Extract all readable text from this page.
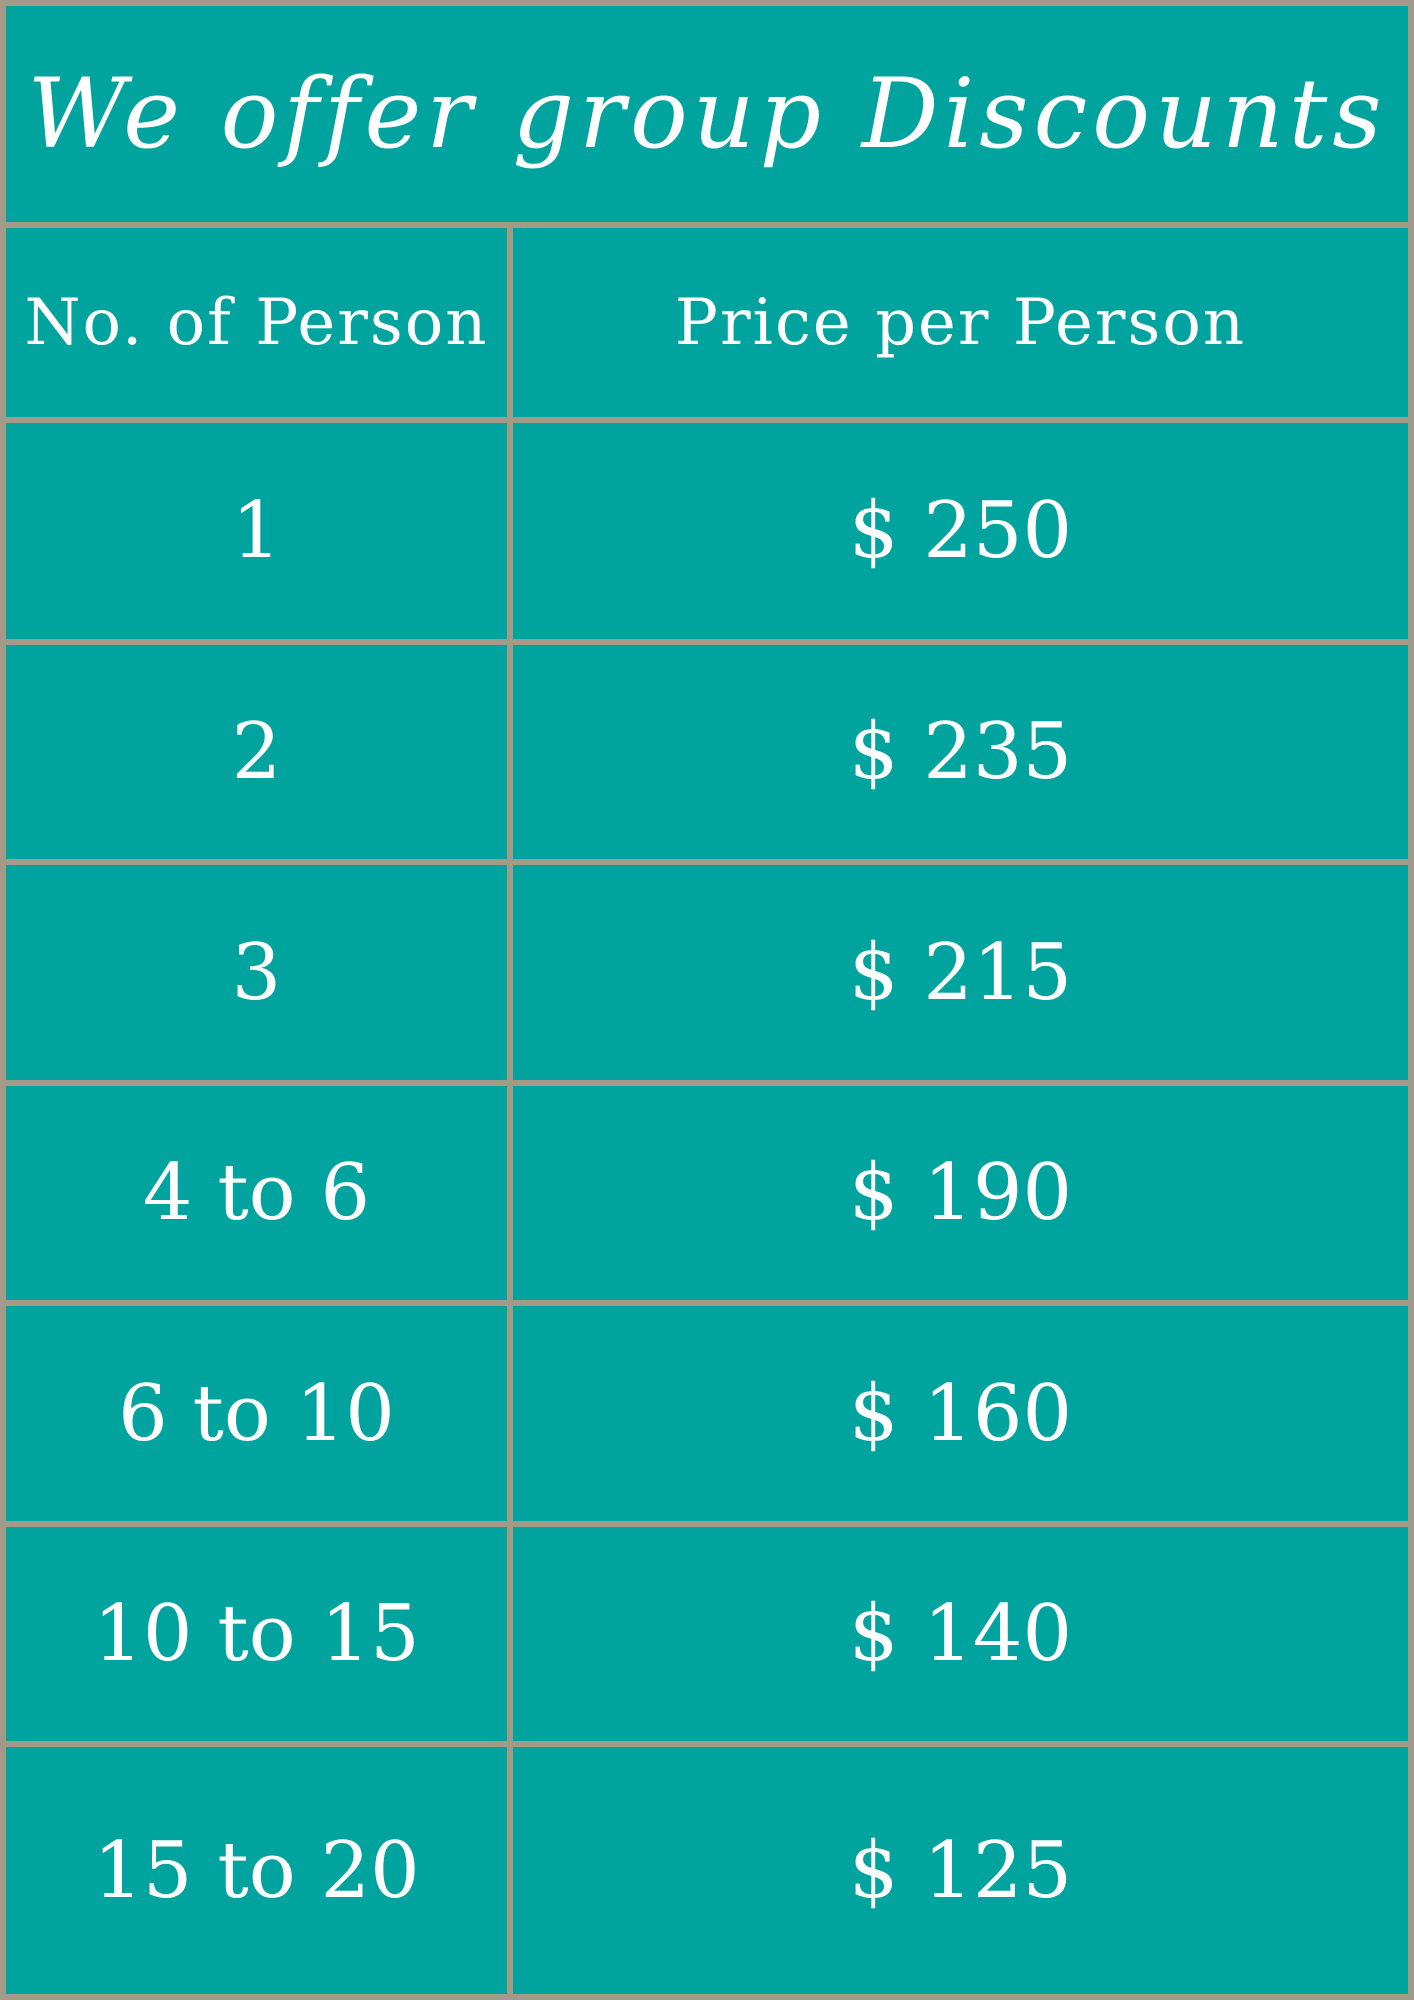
We offer group Discounts
No. of Person	Price per Person
1	$ 250
2	$ 235
3	$ 215
4 to 6	$ 190
6 to 10	$ 160
10 to 15	$ 140
15 to 20	$ 125
